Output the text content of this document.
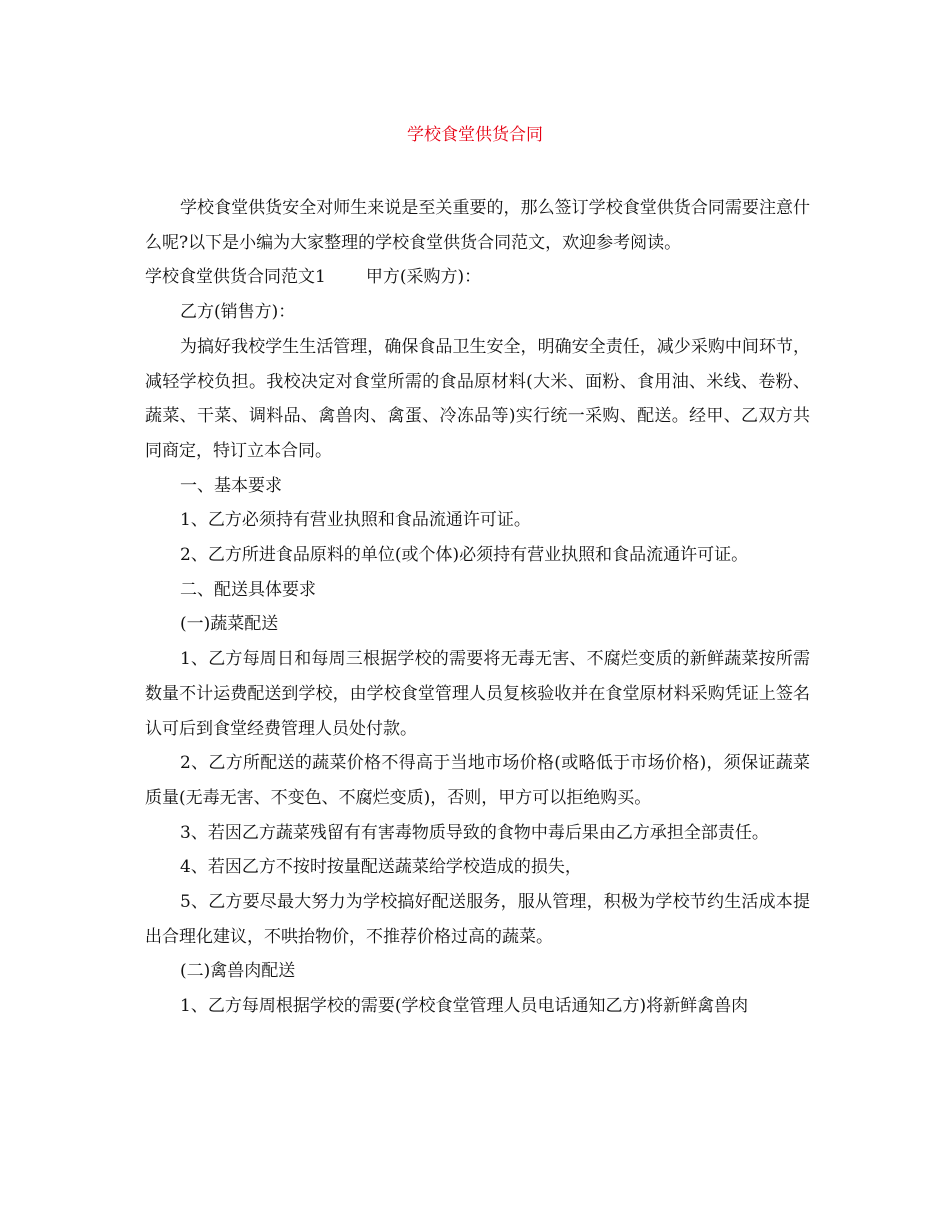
学校食堂供货合同

学校食堂供货安全对师生来说是至关重要的，那么签订学校食堂供货合同需要注意什么呢?以下是小编为大家整理的学校食堂供货合同范文，欢迎参考阅读。

学校食堂供货合同范文1 甲方(采购方)：

乙方(销售方)：

为搞好我校学生生活管理，确保食品卫生安全，明确安全责任，减少采购中间环节，减轻学校负担。我校决定对食堂所需的食品原材料(大米、面粉、食用油、米线、卷粉、蔬菜、干菜、调料品、禽兽肉、禽蛋、冷冻品等)实行统一采购、配送。经甲、乙双方共同商定，特订立本合同。

一、基本要求

1、乙方必须持有营业执照和食品流通许可证。

2、乙方所进食品原料的单位(或个体)必须持有营业执照和食品流通许可证。

二、配送具体要求

(一)蔬菜配送

1、乙方每周日和每周三根据学校的需要将无毒无害、不腐烂变质的新鲜蔬菜按所需数量不计运费配送到学校，由学校食堂管理人员复核验收并在食堂原材料采购凭证上签名认可后到食堂经费管理人员处付款。

2、乙方所配送的蔬菜价格不得高于当地市场价格(或略低于市场价格)，须保证蔬菜质量(无毒无害、不变色、不腐烂变质)，否则，甲方可以拒绝购买。

3、若因乙方蔬菜残留有有害毒物质导致的食物中毒后果由乙方承担全部责任。

4、若因乙方不按时按量配送蔬菜给学校造成的损失，

5、乙方要尽最大努力为学校搞好配送服务，服从管理，积极为学校节约生活成本提出合理化建议，不哄抬物价，不推荐价格过高的蔬菜。

(二)禽兽肉配送

1、乙方每周根据学校的需要(学校食堂管理人员电话通知乙方)将新鲜禽兽肉
